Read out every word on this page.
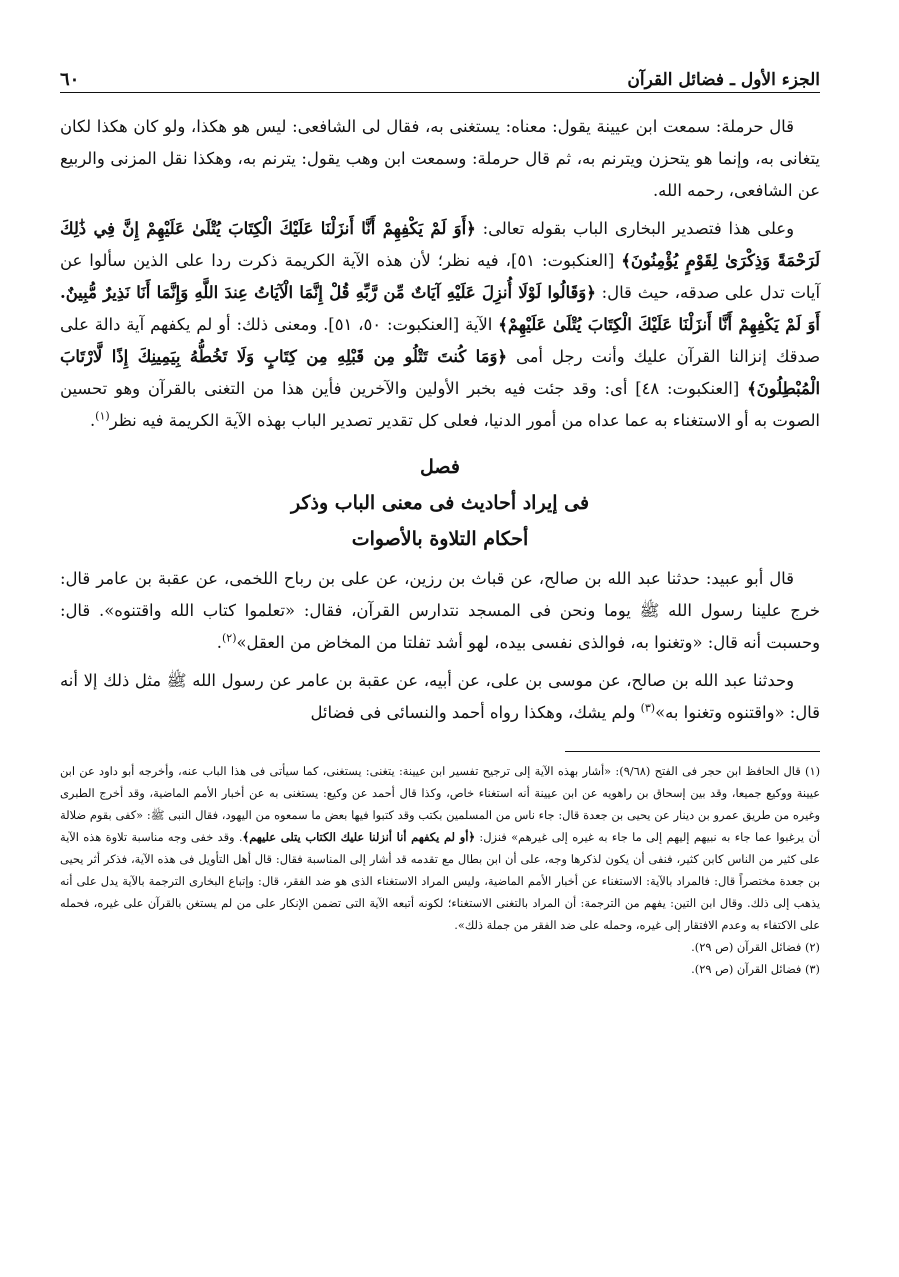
الجزء الأول ـ فضائل القرآن
٦٠

قال حرملة: سمعت ابن عيينة يقول: معناه: يستغنى به، فقال لى الشافعى: ليس هو هكذا، ولو كان هكذا لكان يتغانى به، وإنما هو يتحزن ويترنم به، ثم قال حرملة: وسمعت ابن وهب يقول: يترنم به، وهكذا نقل المزنى والربيع عن الشافعى، رحمه الله.

وعلى هذا فتصدير البخارى الباب بقوله تعالى: ﴿أَوَ لَمْ يَكْفِهِمْ أَنَّا أَنزَلْنَا عَلَيْكَ الْكِتَابَ يُتْلَىٰ عَلَيْهِمْ إِنَّ فِي ذَٰلِكَ لَرَحْمَةً وَذِكْرَىٰ لِقَوْمٍ يُؤْمِنُونَ﴾ [العنكبوت: ٥١]، فيه نظر؛ لأن هذه الآية الكريمة ذكرت ردا على الذين سألوا عن آيات تدل على صدقه، حيث قال: ﴿وَقَالُوا لَوْلَا أُنزِلَ عَلَيْهِ آيَاتٌ مِّن رَّبِّهِ قُلْ إِنَّمَا الْآيَاتُ عِندَ اللَّهِ وَإِنَّمَا أَنَا نَذِيرٌ مُّبِينٌ. أَوَ لَمْ يَكْفِهِمْ أَنَّا أَنزَلْنَا عَلَيْكَ الْكِتَابَ يُتْلَىٰ عَلَيْهِمْ﴾ الآية [العنكبوت: ٥٠، ٥١]. ومعنى ذلك: أو لم يكفهم آية دالة على صدقك إنزالنا القرآن عليك وأنت رجل أمى ﴿وَمَا كُنتَ تَتْلُو مِن قَبْلِهِ مِن كِتَابٍ وَلَا تَخُطُّهُ بِيَمِينِكَ إِذًا لَّارْتَابَ الْمُبْطِلُونَ﴾ [العنكبوت: ٤٨] أى: وقد جئت فيه بخبر الأولين والآخرين فأين هذا من التغنى بالقرآن وهو تحسين الصوت به أو الاستغناء به عما عداه من أمور الدنيا، فعلى كل تقدير تصدير الباب بهذه الآية الكريمة فيه نظر$^{(١)}$.

فصل
فى إيراد أحاديث فى معنى الباب وذكر
أحكام التلاوة بالأصوات

قال أبو عبيد: حدثنا عبد الله بن صالح، عن قباث بن رزين، عن على بن رباح اللخمى، عن عقبة بن عامر قال: خرج علينا رسول الله ﷺ يوما ونحن فى المسجد نتدارس القرآن، فقال: «تعلموا كتاب الله واقتنوه». قال: وحسبت أنه قال: «وتغنوا به، فوالذى نفسى بيده، لهو أشد تفلتا من المخاض من العقل»$^{(٢)}$.

وحدثنا عبد الله بن صالح، عن موسى بن على، عن أبيه، عن عقبة بن عامر عن رسول الله ﷺ مثل ذلك إلا أنه قال: «واقتنوه وتغنوا به»$^{(٣)}$ ولم يشك، وهكذا رواه أحمد والنسائى فى فضائل

(١) قال الحافظ ابن حجر فى الفتح (٩/٦٨): «أشار بهذه الآية إلى ترجيح تفسير ابن عيينة: يتغنى: يستغنى، كما سيأتى فى هذا الباب عنه، وأخرجه أبو داود عن ابن عيينة ووكيع جميعا، وقد بين إسحاق بن راهويه عن ابن عيينة أنه استغناء خاص، وكذا قال أحمد عن وكيع: يستغنى به عن أخبار الأمم الماضية، وقد أخرج الطبرى وغيره من طريق عمرو بن دينار عن يحيى بن جعدة قال: جاء ناس من المسلمين بكتب وقد كتبوا فيها بعض ما سمعوه من اليهود، فقال النبى ﷺ: «كفى بقوم ضلالة أن يرغبوا عما جاء به نبيهم إليهم إلى ما جاء به غيره إلى غيرهم» فنزل: ﴿أو لم يكفهم أنا أنزلنا عليك الكتاب يتلى عليهم﴾. وقد خفى وجه مناسبة تلاوة هذه الآية على كثير من الناس كابن كثير، فنفى أن يكون لذكرها وجه، على أن ابن بطال مع تقدمه قد أشار إلى المناسبة فقال: قال أهل التأويل فى هذه الآية، فذكر أثر يحيى بن جعدة مختصراً قال: فالمراد بالآية: الاستغناء عن أخبار الأمم الماضية، وليس المراد الاستغناء الذى هو ضد الفقر، قال: وإتباع البخارى الترجمة بالآية يدل على أنه يذهب إلى ذلك. وقال ابن التين: يفهم من الترجمة: أن المراد بالتغنى الاستغناء؛ لكونه أتبعه الآية التى تضمن الإنكار على من لم يستغن بالقرآن على غيره، فحمله على الاكتفاء به وعدم الافتقار إلى غيره، وحمله على ضد الفقر من جملة ذلك».

(٢) فضائل القرآن (ص ٢٩).

(٣) فضائل القرآن (ص ٢٩).
